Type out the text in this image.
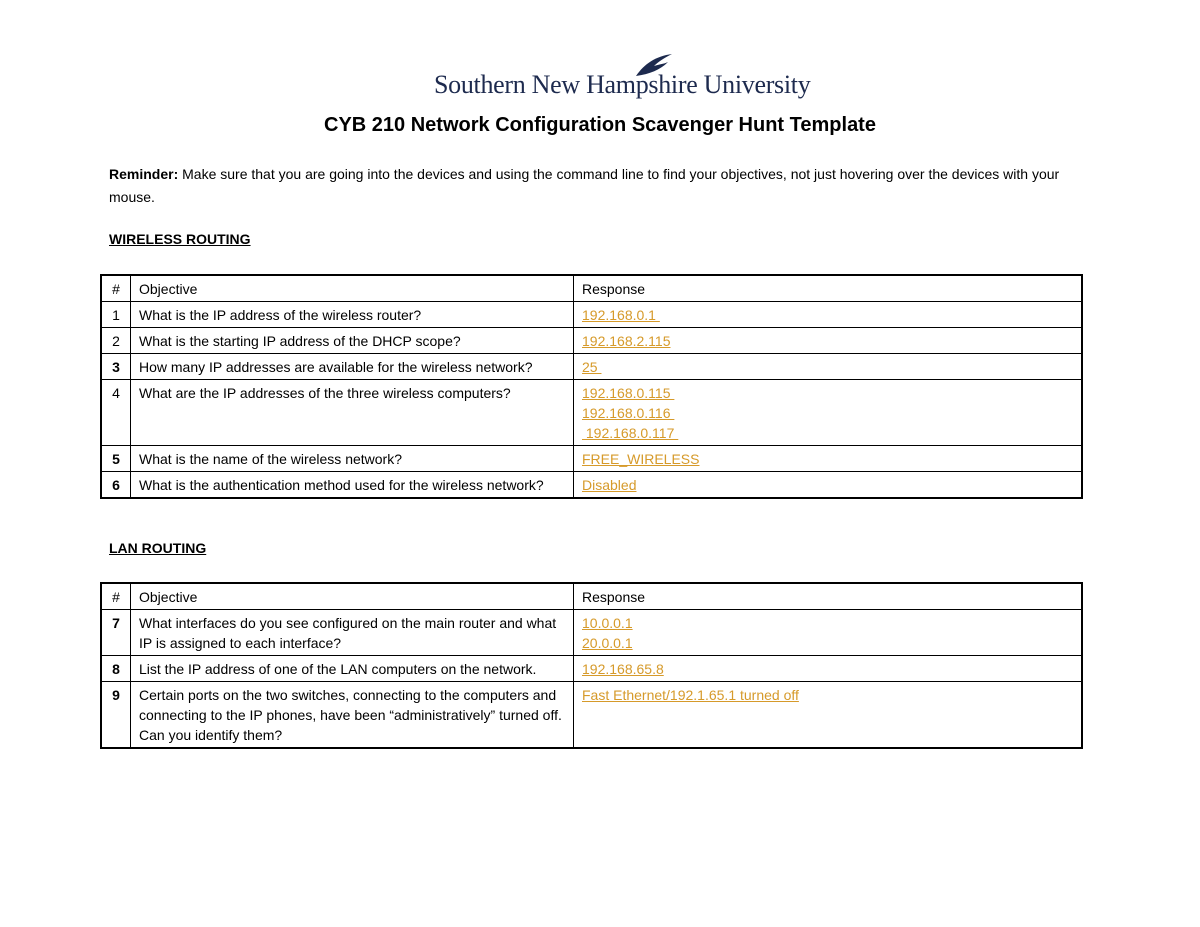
Southern New Hampshire University
CYB 210 Network Configuration Scavenger Hunt Template
Reminder: Make sure that you are going into the devices and using the command line to find your objectives, not just hovering over the devices with your mouse.
WIRELESS ROUTING
#	Objective	Response
1	What is the IP address of the wireless router?	192.168.0.1

2	What is the starting IP address of the DHCP scope?	192.168.2.115

3	How many IP addresses are available for the wireless network?	25

4	What are the IP addresses of the three wireless computers?	192.168.0.115
192.168.0.116
192.168.0.117

5	What is the name of the wireless network?	FREE_WIRELESS

6	What is the authentication method used for the wireless network?	Disabled
LAN ROUTING
#	Objective	Response
7	What interfaces do you see configured on the main router and what IP is assigned to each interface?	10.0.0.1
20.0.0.1

8	List the IP address of one of the LAN computers on the network.	192.168.65.8

9	Certain ports on the two switches, connecting to the computers and connecting to the IP phones, have been “administratively” turned off. Can you identify them?	Fast Ethernet/192.1.65.1 turned off
